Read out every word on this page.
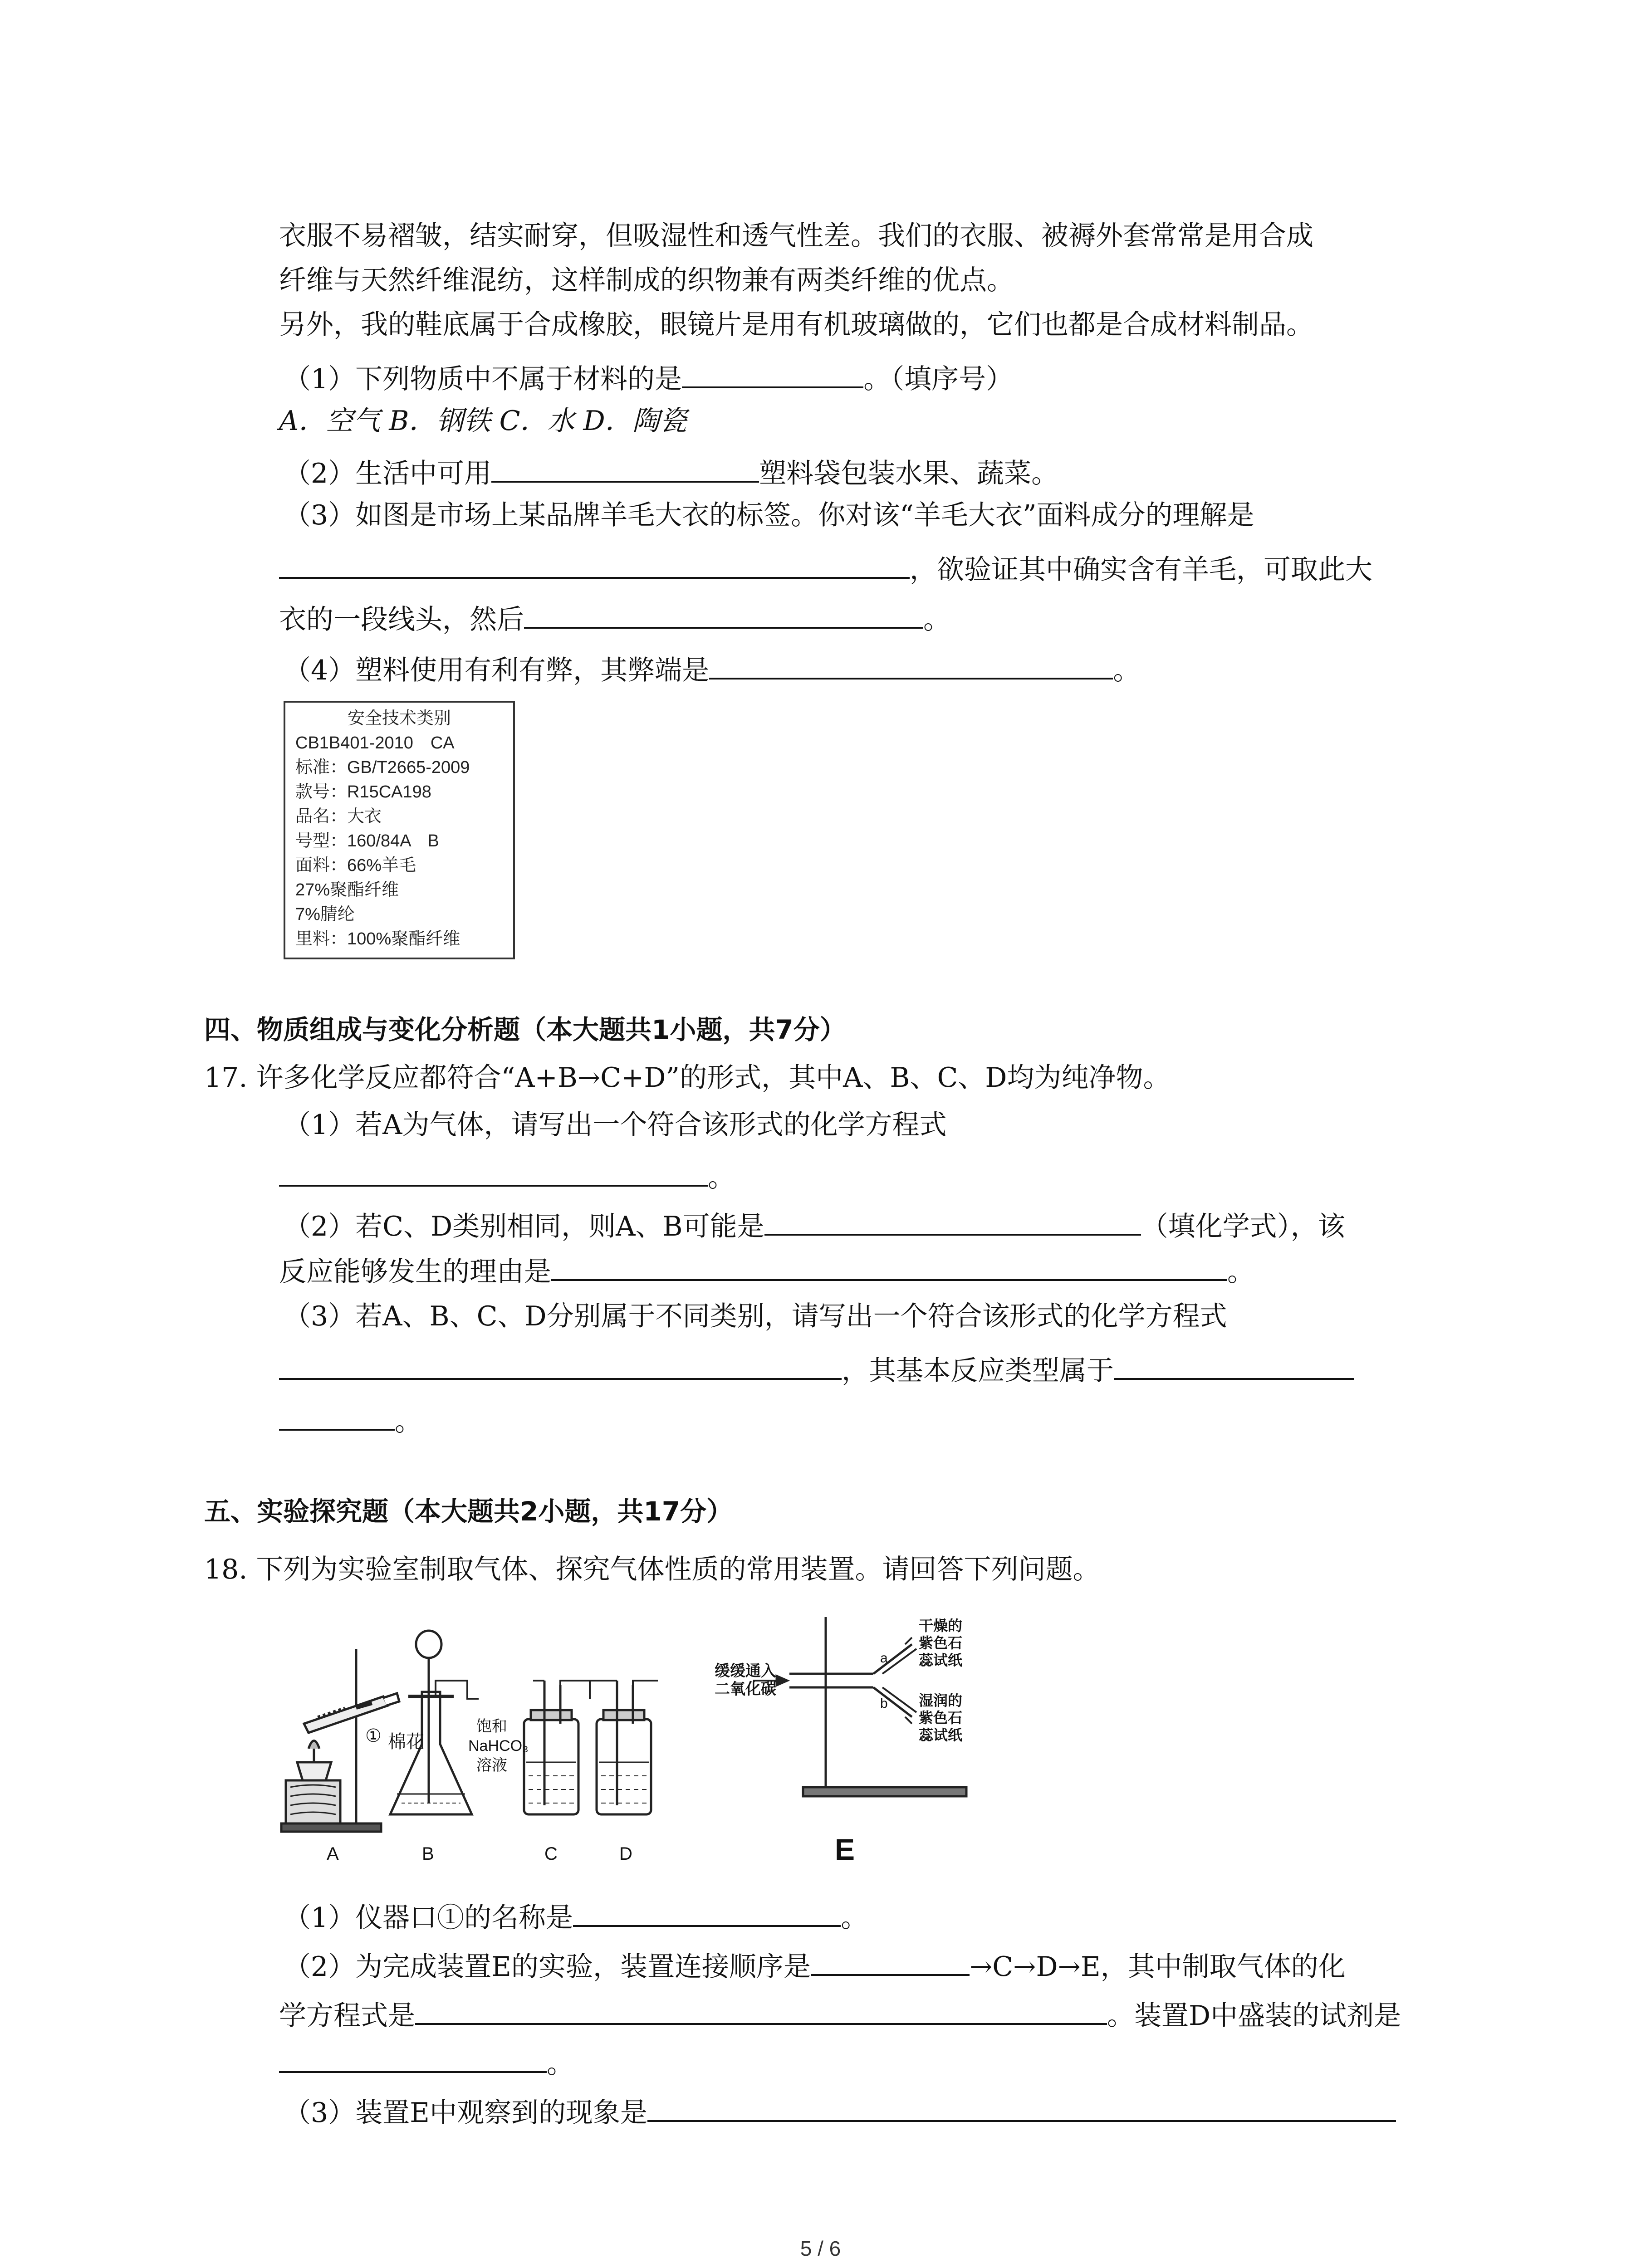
衣服不易褶皱，结实耐穿，但吸湿性和透气性差。我们的衣服、被褥外套常常是用合成
纤维与天然纤维混纺，这样制成的织物兼有两类纤维的优点。
另外，我的鞋底属于合成橡胶，眼镜片是用有机玻璃做的，它们也都是合成材料制品。
（1）下列物质中不属于材料的是	。（填序号）
A．空气 B．钢铁 C．水 D．陶瓷
（2）生活中可用	塑料袋包装水果、蔬菜。
（3）如图是市场上某品牌羊毛大衣的标签。你对该“羊毛大衣”面料成分的理解是
，欲验证其中确实含有羊毛，可取此大
衣的一段线头，然后	。
（4）塑料使用有利有弊，其弊端是	。
安全技术类别
CB1B401-2010　CA
标准：GB/T2665-2009
款号：R15CA198
品名：大衣
号型：160/84A　B
面料：66%羊毛
27%聚酯纤维
7%腈纶
里料：100%聚酯纤维
四、物质组成与变化分析题（本大题共1小题，共7分）
17. 许多化学反应都符合“A+B→C+D”的形式，其中A、B、C、D均为纯净物。
（1）若A为气体，请写出一个符合该形式的化学方程式
。
（2）若C、D类别相同，则A、B可能是	（填化学式），该
反应能够发生的理由是	。
（3）若A、B、C、D分别属于不同类别，请写出一个符合该形式的化学方程式
，其基本反应类型属于
。
五、实验探究题（本大题共2小题，共17分）
18. 下列为实验室制取气体、探究气体性质的常用装置。请回答下列问题。
① 棉花
饱和
NaHCO₃
溶液
A	B	C	D	E
缓缓通入
二氧化碳
a
b
干燥的
紫色石
蕊试纸
湿润的
紫色石
蕊试纸
（1）仪器口①的名称是	。
（2）为完成装置E的实验，装置连接顺序是	→C→D→E，其中制取气体的化
学方程式是	。装置D中盛装的试剂是
。
（3）装置E中观察到的现象是
5 / 6
